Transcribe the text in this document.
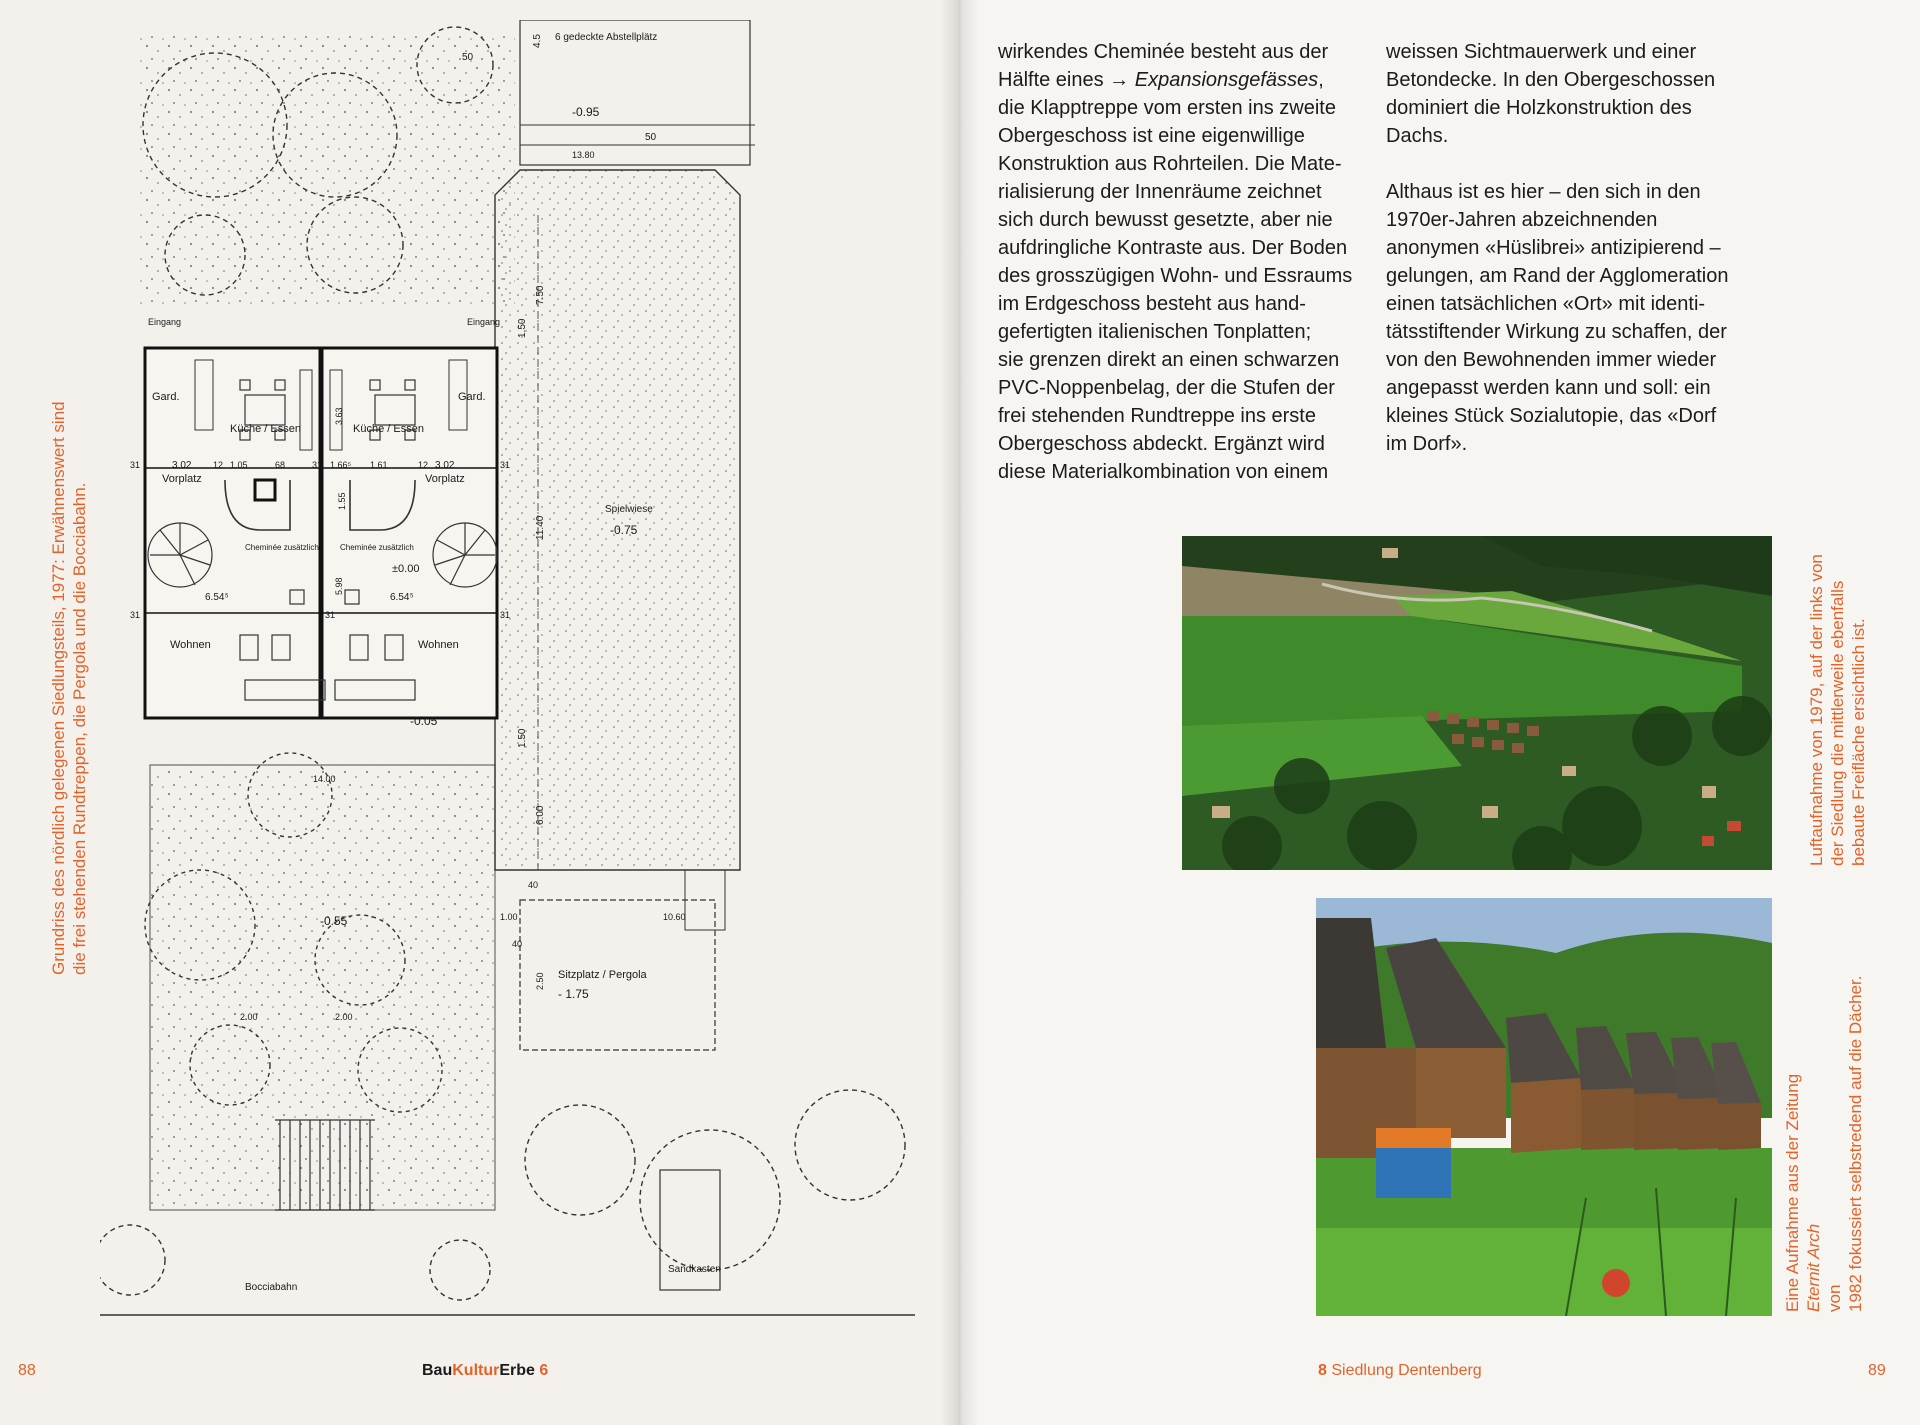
Grundriss des nördlich gelegenen Siedlungsteils, 1977: Erwähnenswert sind die frei stehenden Rundtreppen, die Pergola und die Bocciabahn.
6 gedeckte Abstellplätz
4.5
50
50
-0.95
13.80
Eingang	Eingang
Gard.	Gard.
Küche / Essen	Küche / Essen
3.02	3.02
1.05	1.66⁵ 1.61
12	12
68
31	31	31
31	31	31
3.63
1.55
5.98
Vorplatz	Vorplatz
Cheminée zusätzlich	Cheminée zusätzlich
±0.00
6.54⁵	6.54⁵
Wohnen	Wohnen
7.50
1.50
11.40
1.50
6.00
Spielwiese
-0.75
-0.05
14.00
-0.55
40
40
1.00
2.50
10.60
Sitzplatz / Pergola
- 1.75
2.00	2.00
Bocciabahn
Sandkasten
88	BauKulturErbe 6
wirkendes Cheminée besteht aus der
Hälfte eines → Expansionsgefässes,
die Klapptreppe vom ersten ins zweite
Obergeschoss ist eine eigenwillige
Konstruktion aus Rohrteilen. Die Mate-
rialisierung der Innenräume zeichnet
sich durch bewusst gesetzte, aber nie
aufdringliche Kontraste aus. Der Boden
des grosszügigen Wohn- und Essraums
im Erdgeschoss besteht aus hand-
gefertigten italienischen Tonplatten;
sie grenzen direkt an einen schwarzen
PVC-Noppenbelag, der die Stufen der
frei stehenden Rundtreppe ins erste
Obergeschoss abdeckt. Ergänzt wird
diese Materialkombination von einem

weissen Sichtmauerwerk und einer
Betondecke. In den Obergeschossen
dominiert die Holzkonstruktion des
Dachs.

Althaus ist es hier – den sich in den
1970er-Jahren abzeichnenden
anonymen «Hüslibrei» antizipierend –
gelungen, am Rand der Agglomeration
einen tatsächlichen «Ort» mit identi-
tätsstiftender Wirkung zu schaffen, der
von den Bewohnenden immer wieder
angepasst werden kann und soll: ein
kleines Stück Sozialutopie, das «Dorf
im Dorf».

Luftaufnahme von 1979, auf der links von der Siedlung die mittlerweile ebenfalls bebaute Freifläche ersichtlich ist.
Eine Aufnahme aus der Zeitung Eternit Arch von 1982 fokussiert selbstredend auf die Dächer.
8 Siedlung Dentenberg	89
